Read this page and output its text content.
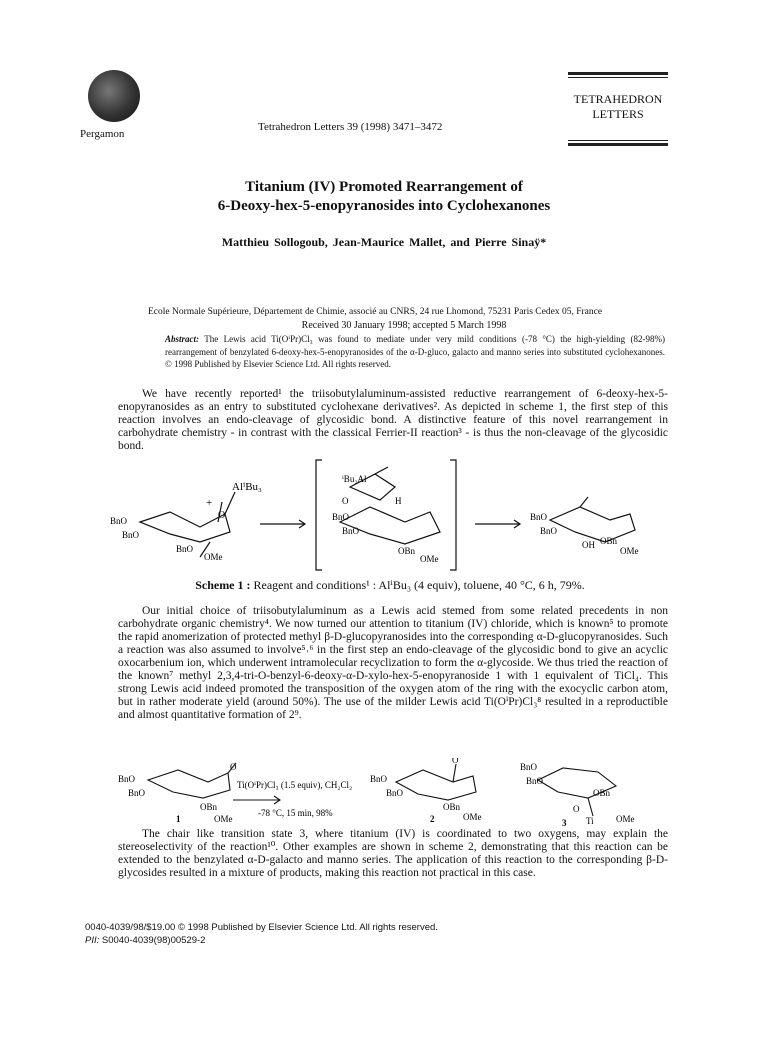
Pergamon
Tetrahedron Letters 39 (1998) 3471–3472
TETRAHEDRON
LETTERS
Titanium (IV) Promoted Rearrangement of
6-Deoxy-hex-5-enopyranosides into Cyclohexanones
Matthieu Sollogoub, Jean-Maurice Mallet, and Pierre Sinaÿ*
Ecole Normale Supérieure, Département de Chimie, associé au CNRS, 24 rue Lhomond, 75231 Paris Cedex 05, France
Received 30 January 1998; accepted 5 March 1998
Abstract: The Lewis acid Ti(OⁱPr)Cl₃ was found to mediate under very mild conditions (-78 °C) the high-yielding (82-98%) rearrangement of benzylated 6-deoxy-hex-5-enopyranosides of the α-D-gluco, galacto and manno series into substituted cyclohexanones. © 1998 Published by Elsevier Science Ltd. All rights reserved.
We have recently reported¹ the triisobutylaluminum-assisted reductive rearrangement of 6-deoxy-hex-5-enopyranosides as an entry to substituted cyclohexane derivatives². As depicted in scheme 1, the first step of this reaction involves an endo-cleavage of glycosidic bond. A distinctive feature of this novel rearrangement in carbohydrate chemistry - in contrast with the classical Ferrier-II reaction³ - is thus the non-cleavage of the glycosidic bond.
AlⁱBu₃
+
O
BnO
BnO
BnO
OMe
ⁱBu₂Al
H
O
BnO
BnO
OBn
OMe
BnO
BnO
OH OBn
OMe
Scheme 1 : Reagent and conditions¹ : AlⁱBu₃ (4 equiv), toluene, 40 °C, 6 h, 79%.
Our initial choice of triisobutylaluminum as a Lewis acid stemed from some related precedents in non carbohydrate organic chemistry⁴. We now turned our attention to titanium (IV) chloride, which is known⁵ to promote the rapid anomerization of protected methyl β-D-glucopyranosides into the corresponding α-D-glucopyranosides. Such a reaction was also assumed to involve⁵˒⁶ in the first step an endo-cleavage of the glycosidic bond to give an acyclic oxocarbenium ion, which underwent intramolecular recyclization to form the α-glycoside. We thus tried the reaction of the known⁷ methyl 2,3,4-tri-O-benzyl-6-deoxy-α-D-xylo-hex-5-enopyranoside 1 with 1 equivalent of TiCl₄. This strong Lewis acid indeed promoted the transposition of the oxygen atom of the ring with the exocyclic carbon atom, but in rather moderate yield (around 50%). The use of the milder Lewis acid Ti(OⁱPr)Cl₃⁸ resulted in a reproductible and almost quantitative formation of 2⁹.
BnO
BnO
OBn
O
OMe
1
Ti(OⁱPr)Cl₃ (1.5 equiv), CH₂Cl₂
-78 °C, 15 min, 98%
BnO
BnO
O
OBn
OMe
2
BnO
BnO
OBn
O
Ti OMe
3
The chair like transition state 3, where titanium (IV) is coordinated to two oxygens, may explain the stereoselectivity of the reaction¹⁰. Other examples are shown in scheme 2, demonstrating that this reaction can be extended to the benzylated α-D-galacto and manno series. The application of this reaction to the corresponding β-D-glycosides resulted in a mixture of products, making this reaction not practical in this case.
0040-4039/98/$19.00 © 1998 Published by Elsevier Science Ltd. All rights reserved.
PII: S0040-4039(98)00529-2
